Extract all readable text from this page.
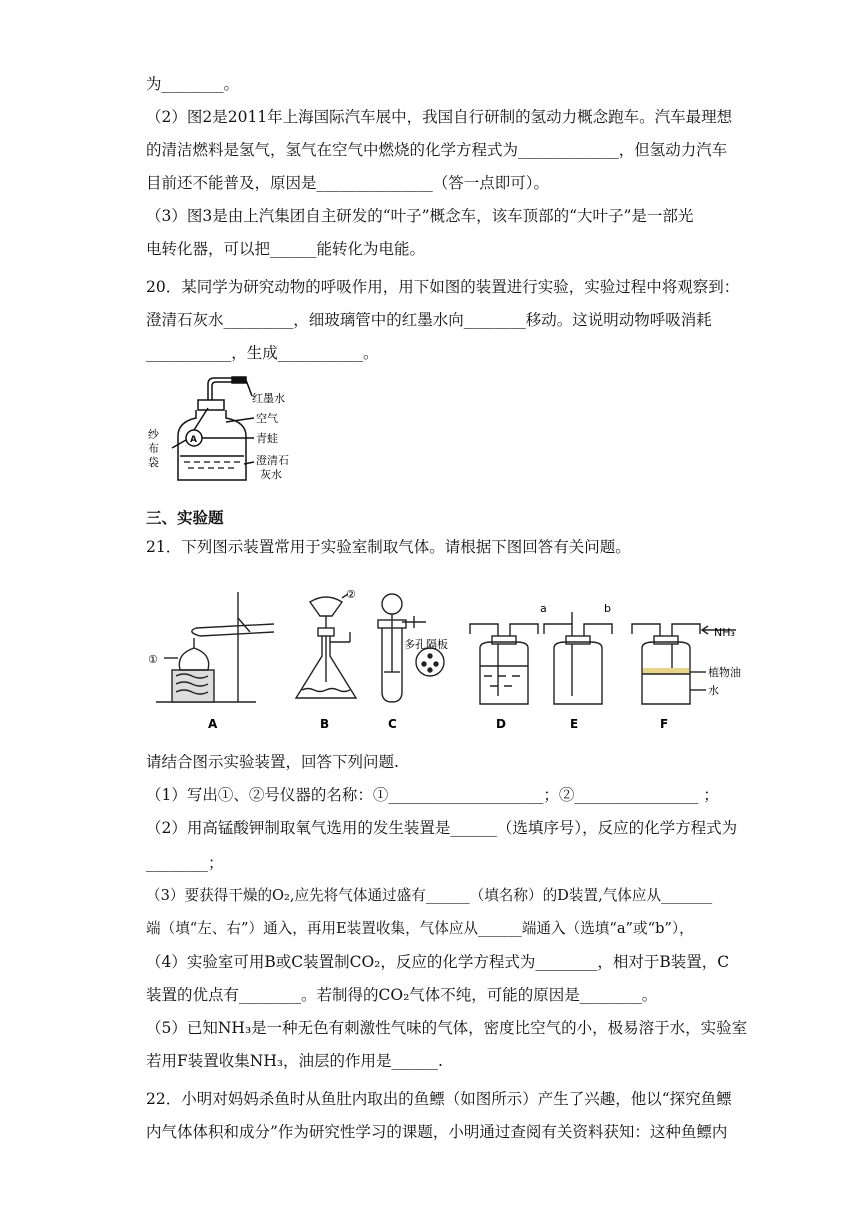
为________。
（2）图2是2011年上海国际汽车展中，我国自行研制的氢动力概念跑车。汽车最理想
的清洁燃料是氢气，氢气在空气中燃烧的化学方程式为_____________，但氢动力汽车
目前还不能普及，原因是_______________（答一点即可）。
（3）图3是由上汽集团自主研发的“叶子”概念车，该车顶部的“大叶子”是一部光
电转化器，可以把______能转化为电能。
20．某同学为研究动物的呼吸作用，用下如图的装置进行实验，实验过程中将观察到：
澄清石灰水_________，细玻璃管中的红墨水向________移动。这说明动物呼吸消耗
___________，生成___________。
A
红墨水
空气
青蛙
澄清石
灰水
纱
布
袋
三、实验题
21．下列图示装置常用于实验室制取气体。请根据下图回答有关问题。
①
②
多孔隔板
a	b
NH₃
植物油
水
A	B	C	D	E	F
请结合图示实验装置，回答下列问题.
（1）写出①、②号仪器的名称：①____________________；②________________ ；
（2）用高锰酸钾制取氧气选用的发生装置是______（选填序号），反应的化学方程式为
________；
（3）要获得干燥的O₂,应先将气体通过盛有______（填名称）的D装置,气体应从_______
端（填“左、右”）通入，再用E装置收集，气体应从______端通入（选填“a”或“b”），
（4）实验室可用B或C装置制CO₂，反应的化学方程式为________，相对于B装置，C
装置的优点有________。若制得的CO₂气体不纯，可能的原因是________。
（5）已知NH₃是一种无色有刺激性气味的气体，密度比空气的小，极易溶于水，实验室
若用F装置收集NH₃，油层的作用是______.
22．小明对妈妈杀鱼时从鱼肚内取出的鱼鳔（如图所示）产生了兴趣，他以“探究鱼鳔
内气体体积和成分”作为研究性学习的课题，小明通过查阅有关资料获知：这种鱼鳔内
